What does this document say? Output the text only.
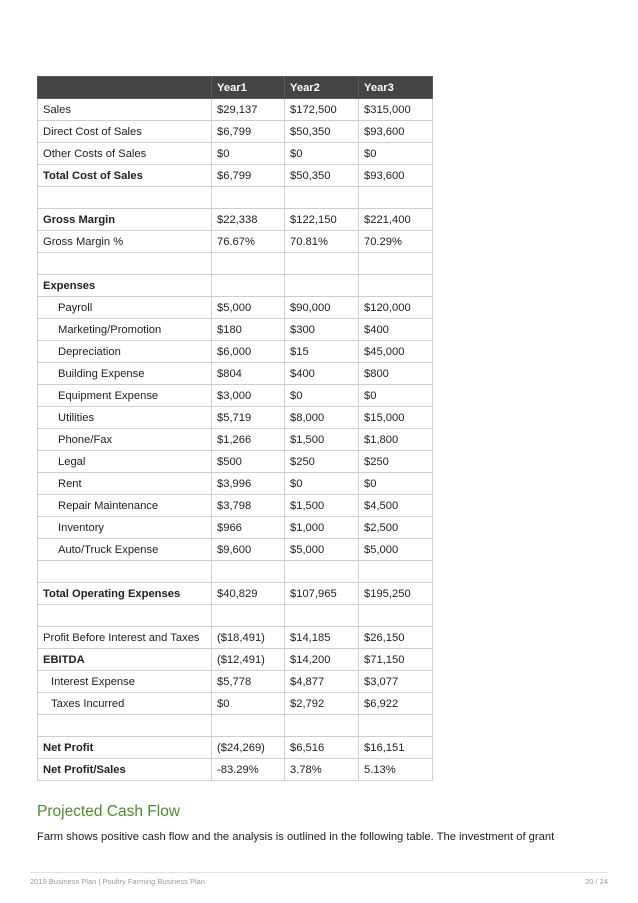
	Year1	Year2	Year3
Sales	$29,137	$172,500	$315,000
Direct Cost of Sales	$6,799	$50,350	$93,600
Other Costs of Sales	$0	$0	$0
Total Cost of Sales	$6,799	$50,350	$93,600

Gross Margin	$22,338	$122,150	$221,400
Gross Margin %	76.67%	70.81%	70.29%

Expenses			
Payroll	$5,000	$90,000	$120,000
Marketing/Promotion	$180	$300	$400
Depreciation	$6,000	$15	$45,000
Building Expense	$804	$400	$800
Equipment Expense	$3,000	$0	$0
Utilities	$5,719	$8,000	$15,000
Phone/Fax	$1,266	$1,500	$1,800
Legal	$500	$250	$250
Rent	$3,996	$0	$0
Repair Maintenance	$3,798	$1,500	$4,500
Inventory	$966	$1,000	$2,500
Auto/Truck Expense	$9,600	$5,000	$5,000

Total Operating Expenses	$40,829	$107,965	$195,250

Profit Before Interest and Taxes	($18,491)	$14,185	$26,150
EBITDA	($12,491)	$14,200	$71,150
Interest Expense	$5,778	$4,877	$3,077
Taxes Incurred	$0	$2,792	$6,922

Net Profit	($24,269)	$6,516	$16,151
Net Profit/Sales	-83.29%	3.78%	5.13%
Projected Cash Flow

Farm shows positive cash flow and the analysis is outlined in the following table. The investment of grant

2019 Business Plan | Poultry Farming Business Plan	20 / 24
